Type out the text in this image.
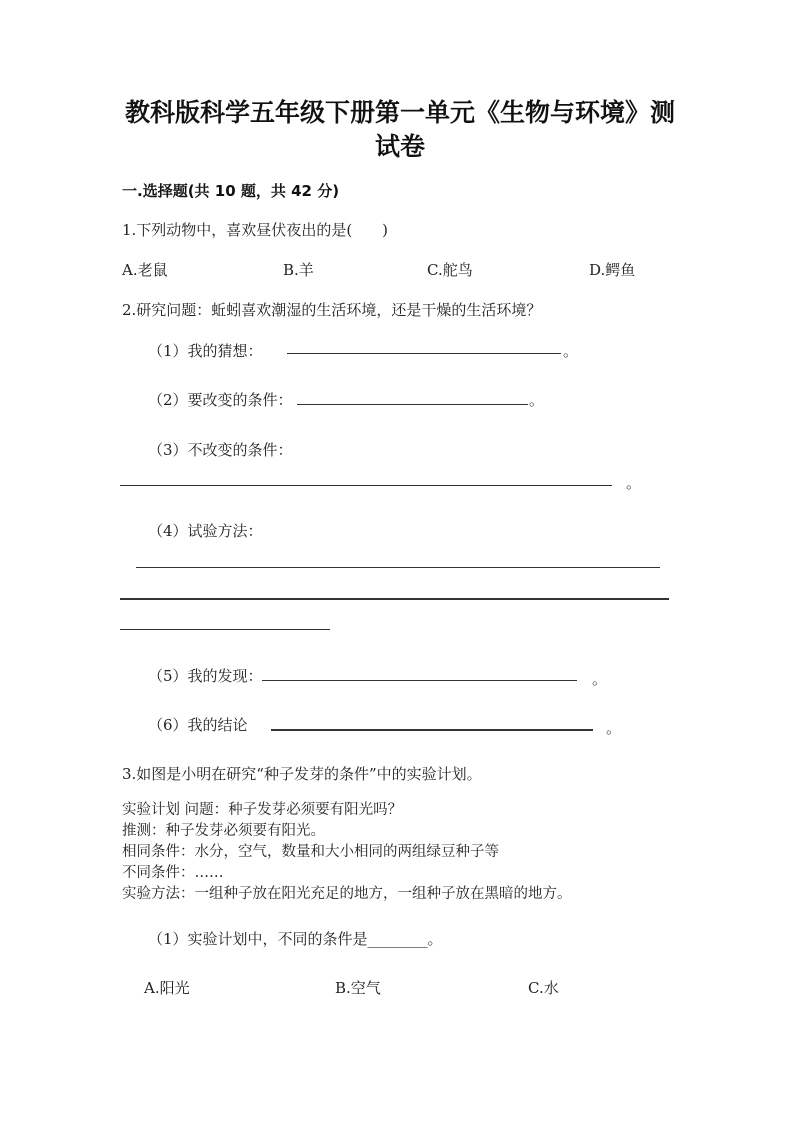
教科版科学五年级下册第一单元《生物与环境》测
试卷
一.选择题(共 10 题，共 42 分)
1.下列动物中，喜欢昼伏夜出的是(　　)
A.老鼠	B.羊	C.舵鸟	D.鳄鱼
2.研究问题：蚯蚓喜欢潮湿的生活环境，还是干燥的生活环境？
（1）我的猜想：	。
（2）要改变的条件：	。
（3）不改变的条件：
。
（4）试验方法：
（5）我的发现：	。
（6）我的结论	。
3.如图是小明在研究“种子发芽的条件”中的实验计划。
实验计划 问题：种子发芽必须要有阳光吗？
推测：种子发芽必须要有阳光。
相同条件：水分，空气，数量和大小相同的两组绿豆种子等
不同条件：……
实验方法：一组种子放在阳光充足的地方，一组种子放在黑暗的地方。
（1）实验计划中，不同的条件是________。
A.阳光	B.空气	C.水
